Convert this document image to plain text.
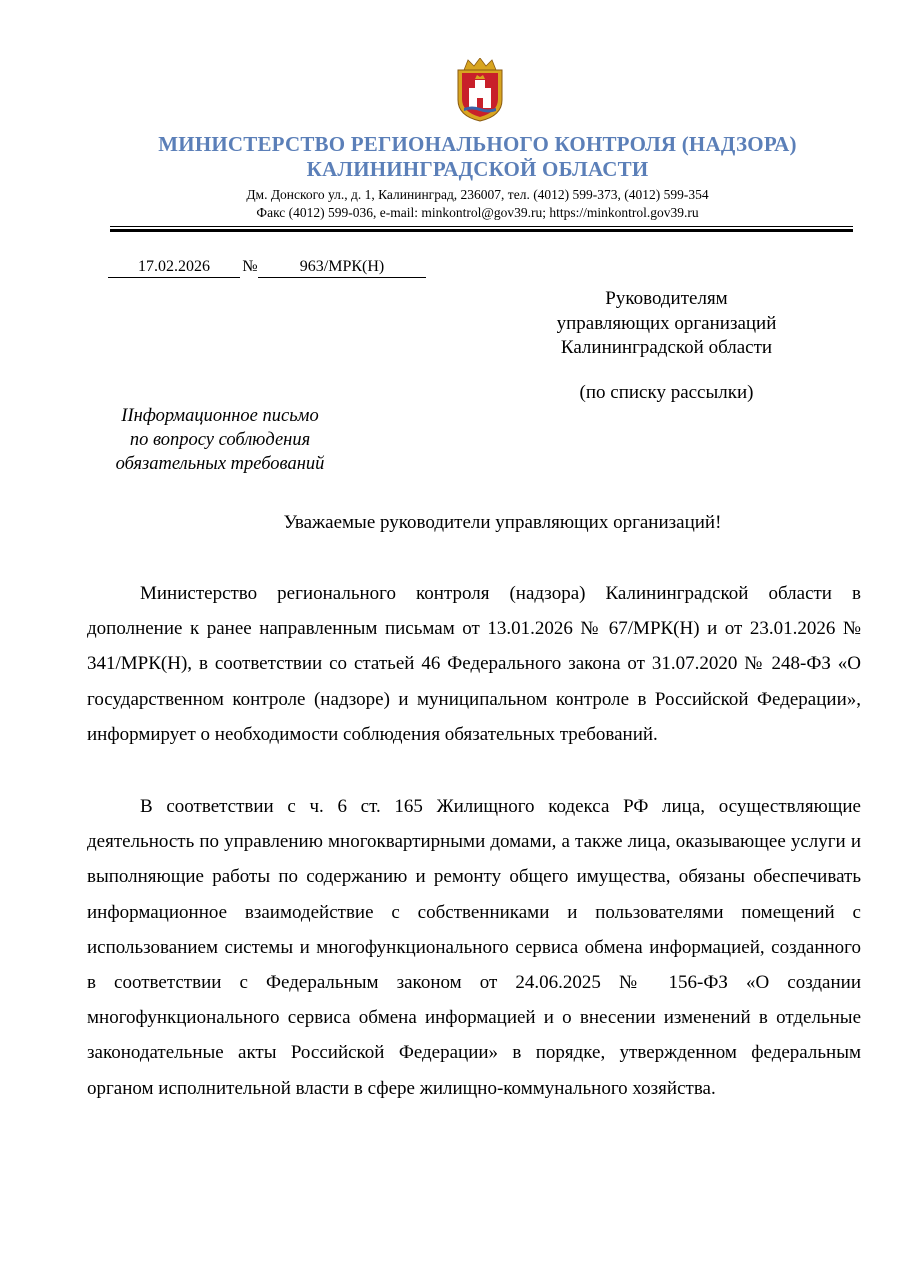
МИНИСТЕРСТВО РЕГИОНАЛЬНОГО КОНТРОЛЯ (НАДЗОРА)
КАЛИНИНГРАДСКОЙ ОБЛАСТИ
Дм. Донского ул., д. 1, Калининград, 236007, тел. (4012) 599-373, (4012) 599-354
Факс (4012) 599-036, e-mail: minkontrol@gov39.ru; https://minkontrol.gov39.ru
17.02.2026	№	963/МРК(Н)
Руководителям
управляющих организаций
Калининградской области
(по списку рассылки)
IIнформационное письмо
по вопросу соблюдения
обязательных требований
Уважаемые руководители управляющих организаций!

Министерство регионального контроля (надзора) Калининградской области в дополнение к ранее направленным письмам от 13.01.2026 № 67/МРК(Н) и от 23.01.2026 № 341/МРК(Н), в соответствии со статьей 46 Федерального закона от 31.07.2020 № 248-ФЗ «О государственном контроле (надзоре) и муниципальном контроле в Российской Федерации», информирует о необходимости соблюдения обязательных требований.

В соответствии с ч. 6 ст. 165 Жилищного кодекса РФ лица, осуществляющие деятельность по управлению многоквартирными домами, а также лица, оказывающее услуги и выполняющие работы по содержанию и ремонту общего имущества, обязаны обеспечивать информационное взаимодействие с собственниками и пользователями помещений с использованием системы и многофункционального сервиса обмена информацией, созданного в соответствии с Федеральным законом от 24.06.2025 № 156-ФЗ «О создании многофункционального сервиса обмена информацией и о внесении изменений в отдельные законодательные акты Российской Федерации» в порядке, утвержденном федеральным органом исполнительной власти в сфере жилищно-коммунального хозяйства.
